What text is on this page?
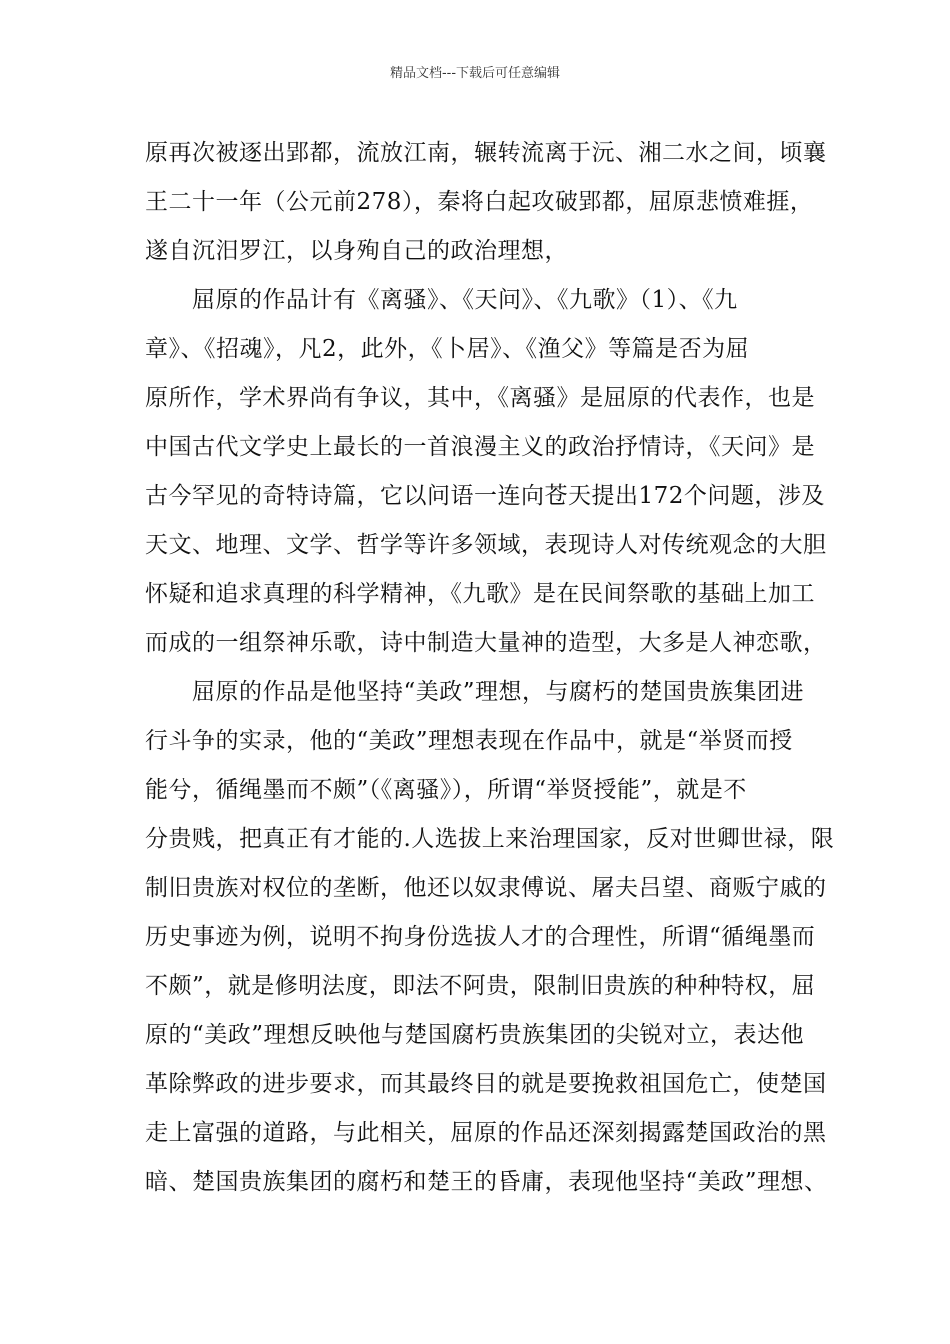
精品文档---下载后可任意编辑
原再次被逐出郢都，流放江南，辗转流离于沅、湘二水之间，顷襄
王二十一年（公元前278），秦将白起攻破郢都，屈原悲愤难捱，
遂自沉汨罗江，以身殉自己的政治理想，
屈原的作品计有《离骚》、《天问》、《九歌》（1）、《九
章》、《招魂》，凡2，此外，《卜居》、《渔父》等篇是否为屈
原所作，学术界尚有争议，其中，《离骚》是屈原的代表作，也是
中国古代文学史上最长的一首浪漫主义的政治抒情诗，《天问》是
古今罕见的奇特诗篇，它以问语一连向苍天提出172个问题，涉及
天文、地理、文学、哲学等许多领域，表现诗人对传统观念的大胆
怀疑和追求真理的科学精神，《九歌》是在民间祭歌的基础上加工
而成的一组祭神乐歌，诗中制造大量神的造型，大多是人神恋歌，
屈原的作品是他坚持“美政”理想，与腐朽的楚国贵族集团进
行斗争的实录，他的“美政”理想表现在作品中，就是“举贤而授
能兮，循绳墨而不颇”（《离骚》），所谓“举贤授能”，就是不
分贵贱，把真正有才能的.人选拔上来治理国家，反对世卿世禄，限
制旧贵族对权位的垄断，他还以奴隶傅说、屠夫吕望、商贩宁戚的
历史事迹为例，说明不拘身份选拔人才的合理性，所谓“循绳墨而
不颇”，就是修明法度，即法不阿贵，限制旧贵族的种种特权，屈
原的“美政”理想反映他与楚国腐朽贵族集团的尖锐对立，表达他
革除弊政的进步要求，而其最终目的就是要挽救祖国危亡，使楚国
走上富强的道路，与此相关，屈原的作品还深刻揭露楚国政治的黑
暗、楚国贵族集团的腐朽和楚王的昏庸，表现他坚持“美政”理想、
